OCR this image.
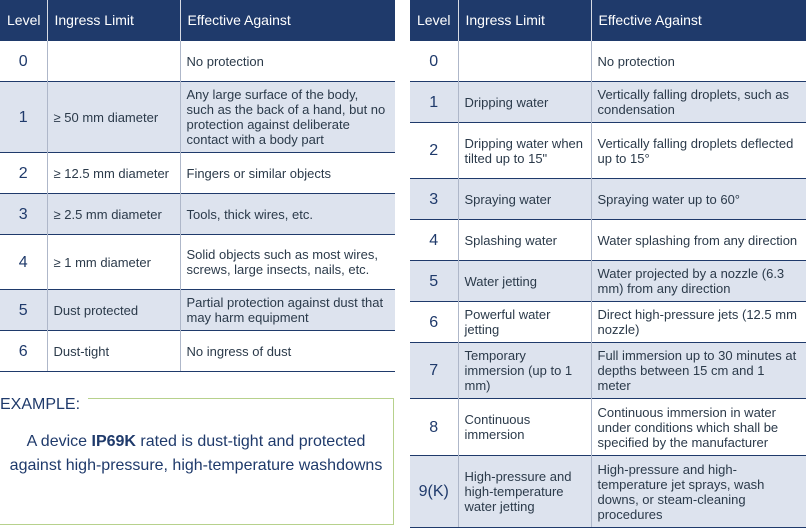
Level	Ingress Limit	Effective Against
0		No protection
1	≥ 50 mm diameter	Any large surface of the body, such as the back of a hand, but no protection against deliberate contact with a body part
2	≥ 12.5 mm diameter	Fingers or similar objects
3	≥ 2.5 mm diameter	Tools, thick wires, etc.
4	≥ 1 mm diameter	Solid objects such as most wires, screws, large insects, nails, etc.
5	Dust protected	Partial protection against dust that may harm equipment
6	Dust-tight	No ingress of dust
EXAMPLE:
A device IP69K rated is dust-tight and protected against high-pressure, high-temperature washdowns
Level	Ingress Limit	Effective Against
0		No protection
1	Dripping water	Vertically falling droplets, such as condensation
2	Dripping water when tilted up to 15"	Vertically falling droplets deflected up to 15°
3	Spraying water	Spraying water up to 60°
4	Splashing water	Water splashing from any direction
5	Water jetting	Water projected by a nozzle (6.3 mm) from any direction
6	Powerful water jetting	Direct high-pressure jets (12.5 mm nozzle)
7	Temporary immersion (up to 1 mm)	Full immersion up to 30 minutes at depths between 15 cm and 1 meter
8	Continuous immersion	Continuous immersion in water under conditions which shall be specified by the manufacturer
9(K)	High-pressure and high-temperature water jetting	High-pressure and high-temperature jet sprays, wash downs, or steam-cleaning procedures
